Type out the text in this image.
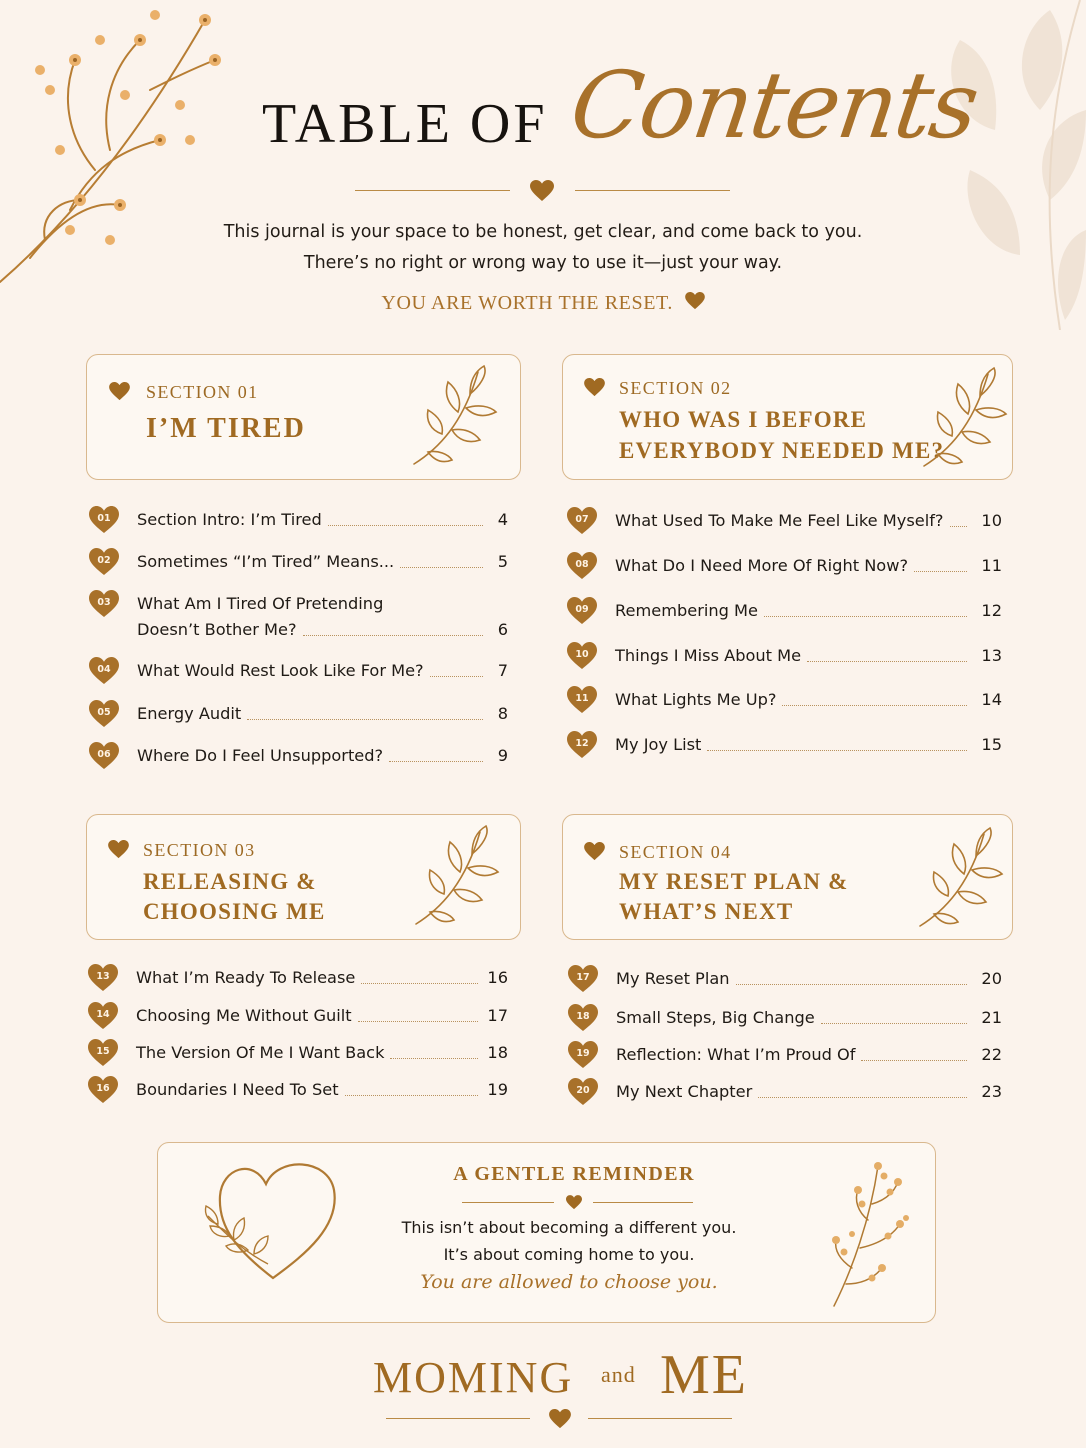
TABLE OF Contents
This journal is your space to be honest, get clear, and come back to you.
There’s no right or wrong way to use it—just your way.
YOU ARE WORTH THE RESET.
SECTION 01
I’M TIRED
SECTION 02
WHO WAS I BEFORE
EVERYBODY NEEDED ME?
SECTION 03
RELEASING &
CHOOSING ME
SECTION 04
MY RESET PLAN &
WHAT’S NEXT
01	Section Intro: I’m Tired	4
02	Sometimes “I’m Tired” Means...	5
03	What Am I Tired Of Pretending
Doesn’t Bother Me?	6
04	What Would Rest Look Like For Me?	7
05	Energy Audit	8
06	Where Do I Feel Unsupported?	9
07	What Used To Make Me Feel Like Myself? 10
08	What Do I Need More Of Right Now?	11
09	Remembering Me	12
10	Things I Miss About Me	13
11	What Lights Me Up?	14
12	My Joy List	15
13	What I’m Ready To Release	16
14	Choosing Me Without Guilt	17
15	The Version Of Me I Want Back	18
16	Boundaries I Need To Set	19
17	My Reset Plan	20
18	Small Steps, Big Change	21
19	Reflection: What I’m Proud Of	22
20	My Next Chapter	23
A GENTLE REMINDER
This isn’t about becoming a different you.
It’s about coming home to you.
You are allowed to choose you.
MOMING and ME
